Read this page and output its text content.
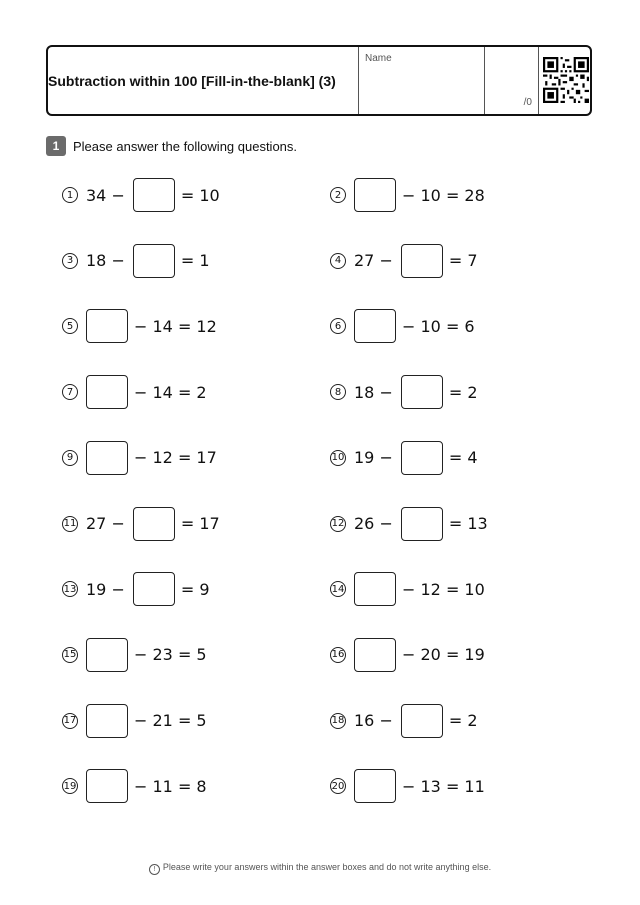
Subtraction within 100 [Fill-in-the-blank] (3)
Name
/0
1	Please answer the following questions.
1 34 −	= 10	2	− 10 = 28
3 18 −	= 1	4 27 −	= 7
5	− 14 = 12	6	− 10 = 6
7	− 14 = 2	8 18 −	= 2
9	− 12 = 17	10 19 −	= 4
11 27 −	= 17	12 26 −	= 13
13 19 −	= 9	14	− 12 = 10
15	− 23 = 5	16	− 20 = 19
17	− 21 = 5	18 16 −	= 2
19	− 11 = 8	20	− 13 = 11
! Please write your answers within the answer boxes and do not write anything else.
